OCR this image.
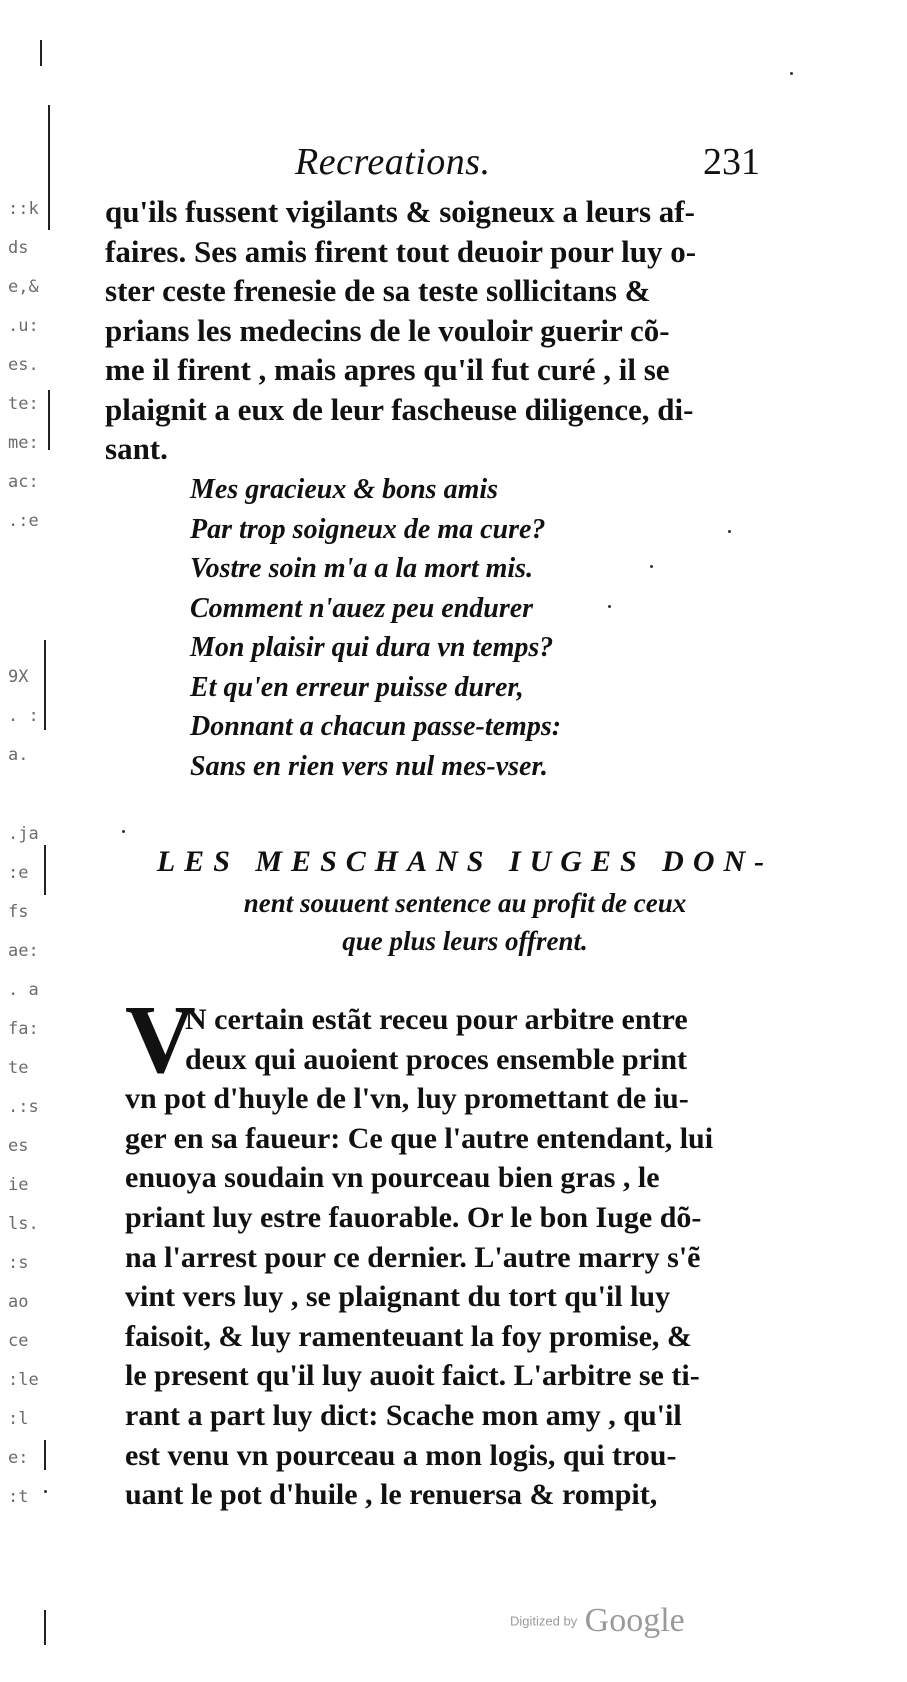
::k
ds
e,&
.u:
es.
te:
me:
ac:
.:e
9X
. :
a.
.ja
:e
fs
ae:
. a
fa:
te
.:s
es
ie
ls.
:s
ao
ce
:le
:l
e:
:t
Recreations.	231
qu'ils fussent vigilants & soigneux a leurs af-
faires. Ses amis firent tout deuoir pour luy o-
ster ceste frenesie de sa teste sollicitans &
prians les medecins de le vouloir guerir cõ-
me il firent , mais apres qu'il fut curé , il se
plaignit a eux de leur fascheuse diligence, di-
sant.
Mes gracieux & bons amis
Par trop soigneux de ma cure?
Vostre soin m'a a la mort mis.
Comment n'auez peu endurer
Mon plaisir qui dura vn temps?
Et qu'en erreur puisse durer,
Donnant a chacun passe-temps:
Sans en rien vers nul mes-vser.
LES MESCHANS IUGES DON-
nent souuent sentence au profit de ceux
que plus leurs offrent.
V
N certain estãt receu pour arbitre entre
deux qui auoient proces ensemble print
vn pot d'huyle de l'vn, luy promettant de iu-
ger en sa faueur: Ce que l'autre entendant, lui
enuoya soudain vn pourceau bien gras , le
priant luy estre fauorable. Or le bon Iuge dõ-
na l'arrest pour ce dernier. L'autre marry s'ẽ
vint vers luy , se plaignant du tort qu'il luy
faisoit, & luy ramenteuant la foy promise, &
le present qu'il luy auoit faict. L'arbitre se ti-
rant a part luy dict: Scache mon amy , qu'il
est venu vn pourceau a mon logis, qui trou-
uant le pot d'huile , le renuersa & rompit,
Digitized by Google
